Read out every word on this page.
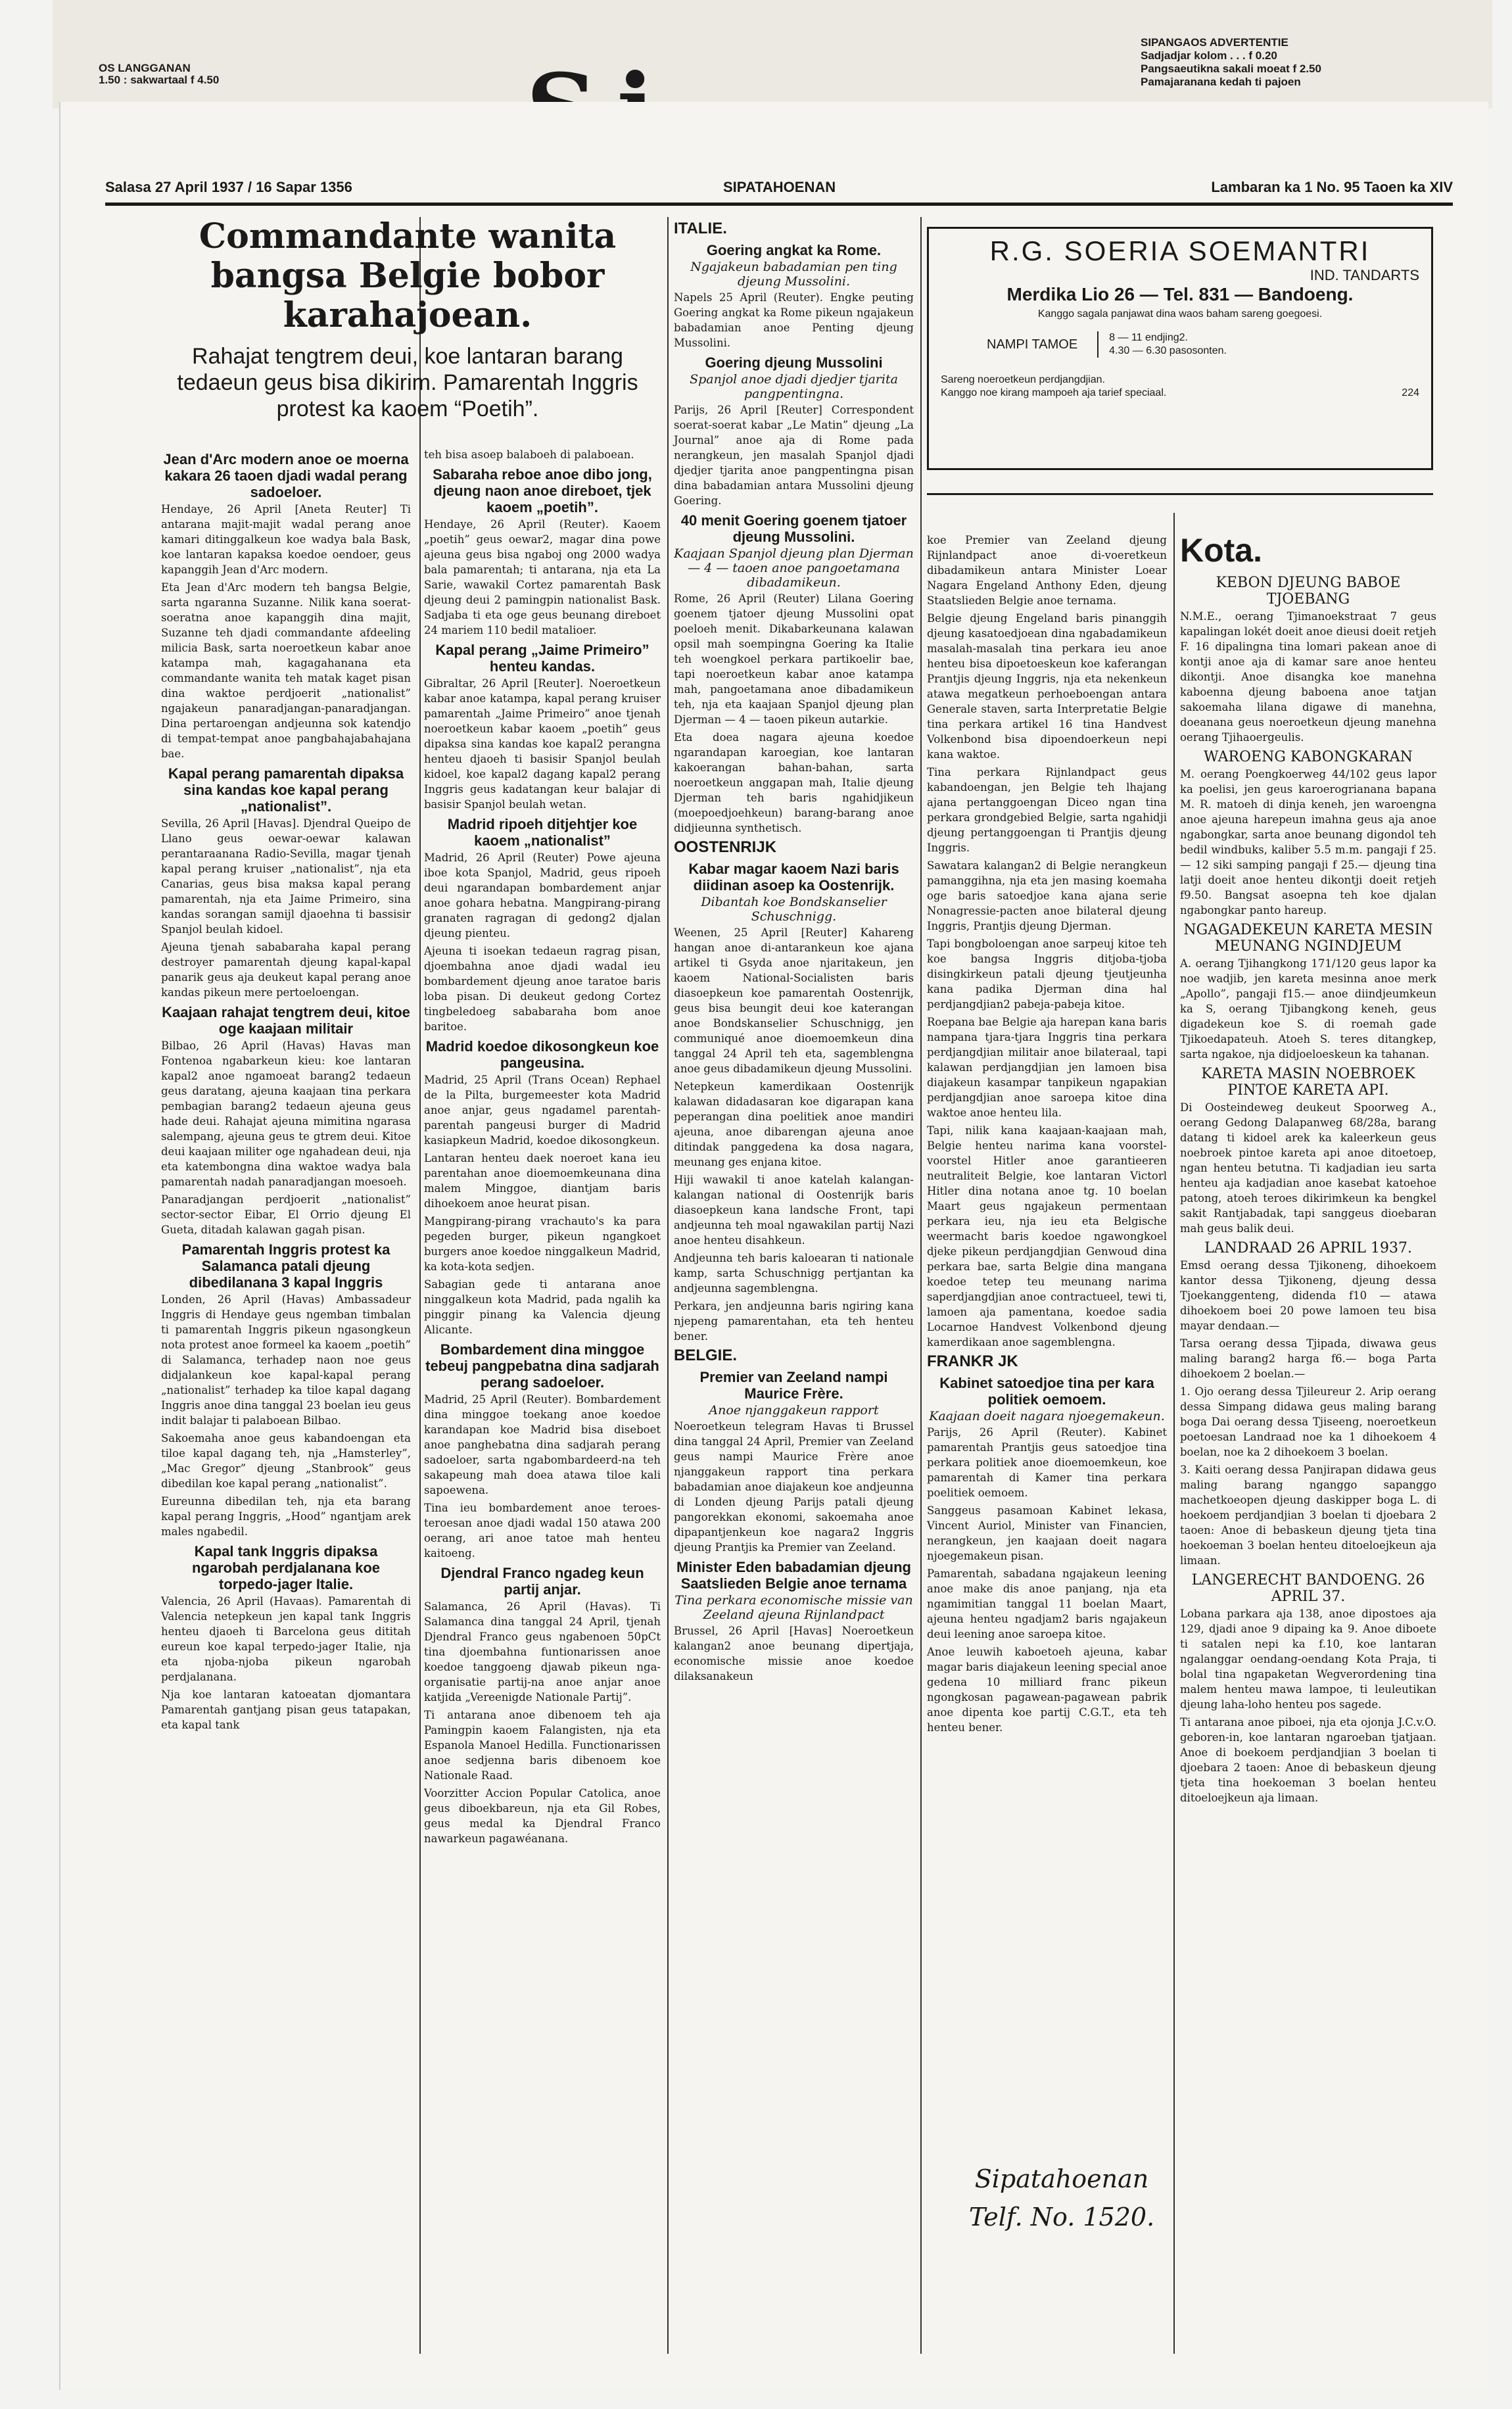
OS LANGGANAN
1.50 : sakwartaal f 4.50
SIPANGAOS ADVERTENTIE
Sadjadjar kolom . . . f 0.20
Pangsaeutikna sakali moeat f 2.50
Pamajaranana kedah ti pajoen
Salasa 27 April 1937 / 16 Sapar 1356	SIPATAHOENAN	Lambaran ka 1 No. 95 Taoen ka XIV
Commandante wanita bangsa Belgie bobor karahajoean.
Rahajat tengtrem deui, koe lantaran barang tedaeun geus bisa dikirim. Pamarentah Inggris protest ka kaoem “Poetih”.
Jean d'Arc modern anoe oe moerna kakara 26 taoen djadi wadal perang sadoeloer.

Hendaye, 26 April [Aneta Reuter] Ti antarana majit-majit wadal perang anoe kamari ditinggalkeun koe wadya bala Bask, koe lantaran kapaksa koedoe oendoer, geus kapanggih Jean d'Arc modern.

Eta Jean d'Arc modern teh bangsa Belgie, sarta ngaranna Suzanne. Nilik kana soerat-soeratna anoe kapanggih dina majit, Suzanne teh djadi commandante afdeeling milicia Bask, sarta noeroetkeun kabar anoe katampa mah, kagagahanana eta commandante wanita teh matak kaget pisan dina waktoe perdjoerit „nationalist” ngajakeun panaradjangan-panaradjangan. Dina pertaroengan andjeunna sok katendjo di tempat-tempat anoe pangbahajabahajana bae.

Kapal perang pamarentah dipaksa sina kandas koe kapal perang „nationalist”.

Sevilla, 26 April [Havas]. Djendral Queipo de Llano geus oewar-oewar kalawan perantaraanana Radio-Sevilla, magar tjenah kapal perang kruiser „nationalist”, nja eta Canarias, geus bisa maksa kapal perang pamarentah, nja eta Jaime Primeiro, sina kandas sorangan samijl djaoehna ti bassisir Spanjol beulah kidoel.

Ajeuna tjenah sababaraha kapal perang destroyer pamarentah djeung kapal-kapal panarik geus aja deukeut kapal perang anoe kandas pikeun mere pertoeloengan.

Kaajaan rahajat tengtrem deui, kitoe oge kaajaan militair

Bilbao, 26 April (Havas) Havas man Fontenoa ngabarkeun kieu: koe lantaran kapal2 anoe ngamoeat barang2 tedaeun geus daratang, ajeuna kaajaan tina perkara pembagian barang2 tedaeun ajeuna geus hade deui. Rahajat ajeuna mimitina ngarasa salempang, ajeuna geus te gtrem deui. Kitoe deui kaajaan militer oge ngahadean deui, nja eta katembongna dina waktoe wadya bala pamarentah nadah panaradjangan moesoeh.

Panaradjangan perdjoerit „nationalist” sector-sector Eibar, El Orrio djeung El Gueta, ditadah kalawan gagah pisan.

Pamarentah Inggris protest ka Salamanca patali djeung dibedilanana 3 kapal Inggris

Londen, 26 April (Havas) Ambassadeur Inggris di Hendaye geus ngemban timbalan ti pamarentah Inggris pikeun ngasongkeun nota protest anoe formeel ka kaoem „poetih” di Salamanca, terhadep naon noe geus didjalankeun koe kapal-kapal perang „nationalist” terhadep ka tiloe kapal dagang Inggris anoe dina tanggal 23 boelan ieu geus indit balajar ti palaboean Bilbao.

Sakoemaha anoe geus kabandoengan eta tiloe kapal dagang teh, nja „Hamsterley”, „Mac Gregor” djeung „Stanbrook” geus dibedilan koe kapal perang „nationalist”.

Eureunna dibedilan teh, nja eta barang kapal perang Inggris, „Hood” ngantjam arek males ngabedil.

Kapal tank Inggris dipaksa ngarobah perdjalanana koe torpedo-jager Italie.

Valencia, 26 April (Havaas). Pamarentah di Valencia netepkeun jen kapal tank Inggris henteu djaoeh ti Barcelona geus dititah eureun koe kapal terpedo-jager Italie, nja eta njoba-njoba pikeun ngarobah perdjalanana.

Nja koe lantaran katoeatan djomantara Pamarentah gantjang pisan geus tatapakan, eta kapal tank

teh bisa asoep balaboeh di palaboean.

Sabaraha reboe anoe dibo jong, djeung naon anoe direboet, tjek kaoem „poetih”.

Hendaye, 26 April (Reuter). Kaoem „poetih” geus oewar2, magar dina powe ajeuna geus bisa ngaboj ong 2000 wadya bala pamarentah; ti antarana, nja eta La Sarie, wawakil Cortez pamarentah Bask djeung deui 2 pamingpin nationalist Bask. Sadjaba ti eta oge geus beunang direboet 24 mariem 110 bedil matalioer.

Kapal perang „Jaime Primeiro” henteu kandas.

Gibraltar, 26 April [Reuter]. Noeroetkeun kabar anoe katampa, kapal perang kruiser pamarentah „Jaime Primeiro” anoe tjenah noeroetkeun kabar kaoem „poetih” geus dipaksa sina kandas koe kapal2 perangna henteu djaoeh ti basisir Spanjol beulah kidoel, koe kapal2 dagang kapal2 perang Inggris geus kadatangan keur balajar di basisir Spanjol beulah wetan.

Madrid ripoeh ditjehtjer koe kaoem „nationalist”

Madrid, 26 April (Reuter) Powe ajeuna iboe kota Spanjol, Madrid, geus ripoeh deui ngarandapan bombardement anjar anoe gohara hebatna. Mangpirang-pirang granaten ragragan di gedong2 djalan djeung pienteu.

Ajeuna ti isoekan tedaeun ragrag pisan, djoembahna anoe djadi wadal ieu bombardement djeung anoe taratoe baris loba pisan. Di deukeut gedong Cortez tingbeledoeg sababaraha bom anoe baritoe.

Madrid koedoe dikosongkeun koe pangeusina.

Madrid, 25 April (Trans Ocean) Rephael de la Pilta, burgemeester kota Madrid anoe anjar, geus ngadamel parentah-parentah pangeusi burger di Madrid kasiapkeun Madrid, koedoe dikosongkeun.

Lantaran henteu daek noeroet kana ieu parentahan anoe dioemoemkeunana dina malem Minggoe, diantjam baris dihoekoem anoe heurat pisan.

Mangpirang-pirang vrachauto's ka para pegeden burger, pikeun ngangkoet burgers anoe koedoe ninggalkeun Madrid, ka kota-kota sedjen.

Sabagian gede ti antarana anoe ninggalkeun kota Madrid, pada ngalih ka pinggir pinang ka Valencia djeung Alicante.

Bombardement dina minggoe tebeuj pangpebatna dina sadjarah perang sadoeloer.

Madrid, 25 April (Reuter). Bombardement dina minggoe toekang anoe koedoe karandapan koe Madrid bisa diseboet anoe panghebatna dina sadjarah perang sadoeloer, sarta ngabombardeerd-na teh sakapeung mah doea atawa tiloe kali sapoewena.

Tina ieu bombardement anoe teroes-teroesan anoe djadi wadal 150 atawa 200 oerang, ari anoe tatoe mah henteu kaitoeng.

Djendral Franco ngadeg keun partij anjar.

Salamanca, 26 April (Havas). Ti Salamanca dina tanggal 24 April, tjenah Djendral Franco geus ngabenoen 50pCt tina djoembahna funtionarissen anoe koedoe tanggoeng djawab pikeun nga-organisatie partij-na anoe anjar anoe katjida „Vereenigde Nationale Partij”.

Ti antarana anoe dibenoem teh aja Pamingpin kaoem Falangisten, nja eta Espanola Manoel Hedilla. Functionarissen anoe sedjenna baris dibenoem koe Nationale Raad.

Voorzitter Accion Popular Catolica, anoe geus diboekbareun, nja eta Gil Robes, geus medal ka Djendral Franco nawarkeun pagawéanana.

ITALIE.
Goering angkat ka Rome.
Ngajakeun babadamian pen ting djeung Mussolini.

Napels 25 April (Reuter). Engke peuting Goering angkat ka Rome pikeun ngajakeun babadamian anoe Penting djeung Mussolini.

Goering djeung Mussolini
Spanjol anoe djadi djedjer tjarita pangpentingna.

Parijs, 26 April [Reuter] Correspondent soerat-soerat kabar „Le Matin” djeung „La Journal” anoe aja di Rome pada nerangkeun, jen masalah Spanjol djadi djedjer tjarita anoe pangpentingna pisan dina babadamian antara Mussolini djeung Goering.

40 menit Goering goenem tjatoer djeung Mussolini.
Kaajaan Spanjol djeung plan Djerman — 4 — taoen anoe pangoetamana dibadamikeun.

Rome, 26 April (Reuter) Lilana Goering goenem tjatoer djeung Mussolini opat poeloeh menit. Dikabarkeunana kalawan opsil mah soempingna Goering ka Italie teh woengkoel perkara partikoelir bae, tapi noeroetkeun kabar anoe katampa mah, pangoetamana anoe dibadamikeun teh, nja eta kaajaan Spanjol djeung plan Djerman — 4 — taoen pikeun autarkie.

Eta doea nagara ajeuna koedoe ngarandapan karoegian, koe lantaran kakoerangan bahan-bahan, sarta noeroetkeun anggapan mah, Italie djeung Djerman teh baris ngahidjikeun (moepoedjoehkeun) barang-barang anoe didjieunna synthetisch.

OOSTENRIJK
Kabar magar kaoem Nazi baris diidinan asoep ka Oostenrijk.
Dibantah koe Bondskanselier Schuschnigg.

Weenen, 25 April [Reuter] Kahareng hangan anoe di-antarankeun koe ajana artikel ti Gsyda anoe njaritakeun, jen kaoem National-Socialisten baris diasoepkeun koe pamarentah Oostenrijk, geus bisa beungit deui koe katerangan anoe Bondskanselier Schuschnigg, jen communiqué anoe dioemoemkeun dina tanggal 24 April teh eta, sagemblengna anoe geus dibadamikeun djeung Mussolini.

Netepkeun kamerdikaan Oostenrijk kalawan didadasaran koe digarapan kana peperangan dina poelitiek anoe mandiri ajeuna, anoe dibarengan ajeuna anoe ditindak panggedena ka dosa nagara, meunang ges enjana kitoe.

Hiji wawakil ti anoe katelah kalangan-kalangan national di Oostenrijk baris diasoepkeun kana landsche Front, tapi andjeunna teh moal ngawakilan partij Nazi anoe henteu disahkeun.

Andjeunna teh baris kaloearan ti nationale kamp, sarta Schuschnigg pertjantan ka andjeunna sagemblengna.

Perkara, jen andjeunna baris ngiring kana njepeng pamarentahan, eta teh henteu bener.

BELGIE.
Premier van Zeeland nampi Maurice Frère.
Anoe njanggakeun rapport

Noeroetkeun telegram Havas ti Brussel dina tanggal 24 April, Premier van Zeeland geus nampi Maurice Frère anoe njanggakeun rapport tina perkara babadamian anoe diajakeun koe andjeunna di Londen djeung Parijs patali djeung pangorekkan ekonomi, sakoemaha anoe dipapantjenkeun koe nagara2 Inggris djeung Prantjis ka Premier van Zeeland.

Minister Eden babadamian djeung Saatslieden Belgie anoe ternama
Tina perkara economische missie van Zeeland ajeuna Rijnlandpact

Brussel, 26 April [Havas] Noeroetkeun kalangan2 anoe beunang dipertjaja, economische missie anoe koedoe dilaksanakeun

R.G. SOERIA SOEMANTRI
IND. TANDARTS
Merdika Lio 26 — Tel. 831 — Bandoeng.
Kanggo sagala panjawat dina waos baham sareng goegoesi.
NAMPI TAMOE	8 — 11 endjing2.
4.30 — 6.30 pasosonten.
Sareng noeroetkeun perdjangdjian.
Kanggo noe kirang mampoeh aja tarief speciaal.	224

koe Premier van Zeeland djeung Rijnlandpact anoe di-voeretkeun dibadamikeun antara Minister Loear Nagara Engeland Anthony Eden, djeung Staatslieden Belgie anoe ternama.

Belgie djeung Engeland baris pinanggih djeung kasatoedjoean dina ngabadamikeun masalah-masalah tina perkara ieu anoe henteu bisa dipoetoeskeun koe kaferangan Prantjis djeung Inggris, nja eta nekenkeun atawa megatkeun perhoeboengan antara Generale staven, sarta Interpretatie Belgie tina perkara artikel 16 tina Handvest Volkenbond bisa dipoendoerkeun nepi kana waktoe.

Tina perkara Rijnlandpact geus kabandoengan, jen Belgie teh lhajang ajana pertanggoengan Diceo ngan tina perkara grondgebied Belgie, sarta ngahidji djeung pertanggoengan ti Prantjis djeung Inggris.

Sawatara kalangan2 di Belgie nerangkeun pamanggihna, nja eta jen masing koemaha oge baris satoedjoe kana ajana serie Nonagressie-pacten anoe bilateral djeung Inggris, Prantjis djeung Djerman.

Tapi bongboloengan anoe sarpeuj kitoe teh koe bangsa Inggris ditjoba-tjoba disingkirkeun patali djeung tjeutjeunha kana padika Djerman dina hal perdjangdjian2 pabeja-pabeja kitoe.

Roepana bae Belgie aja harepan kana baris nampana tjara-tjara Inggris tina perkara perdjangdjian militair anoe bilateraal, tapi kalawan perdjangdjian jen lamoen bisa diajakeun kasampar tanpikeun ngapakian perdjangdjian anoe saroepa kitoe dina waktoe anoe henteu lila.

Tapi, nilik kana kaajaan-kaajaan mah, Belgie henteu narima kana voorstel-voorstel Hitler anoe garantieeren neutraliteit Belgie, koe lantaran Victorl Hitler dina notana anoe tg. 10 boelan Maart geus ngajakeun permentaan perkara ieu, nja ieu eta Belgische weermacht baris koedoe ngawongkoel djeke pikeun perdjangdjian Genwoud dina perkara bae, sarta Belgie dina mangana koedoe tetep teu meunang narima saperdjangdjian anoe contractueel, tewi ti, lamoen aja pamentana, koedoe sadia Locarnoe Handvest Volkenbond djeung kamerdikaan anoe sagemblengna.

FRANKR JK
Kabinet satoedjoe tina per kara politiek oemoem.
Kaajaan doeit nagara njoegemakeun.

Parijs, 26 April (Reuter). Kabinet pamarentah Prantjis geus satoedjoe tina perkara politiek anoe dioemoemkeun, koe pamarentah di Kamer tina perkara poelitiek oemoem.

Sanggeus pasamoan Kabinet lekasa, Vincent Auriol, Minister van Financien, nerangkeun, jen kaajaan doeit nagara njoegemakeun pisan.

Pamarentah, sabadana ngajakeun leening anoe make dis anoe panjang, nja eta ngamimitian tanggal 11 boelan Maart, ajeuna henteu ngadjam2 baris ngajakeun deui leening anoe saroepa kitoe.

Anoe leuwih kaboetoeh ajeuna, kabar magar baris diajakeun leening special anoe gedena 10 milliard franc pikeun ngongkosan pagawean-pagawean pabrik anoe dipenta koe partij C.G.T., eta teh henteu bener.

Sipatahoenan
Telf. No. 1520.
Kota.
KEBON DJEUNG BABOE TJOEBANG

N.M.E., oerang Tjimanoekstraat 7 geus kapalingan lokét doeit anoe dieusi doeit retjeh F. 16 dipalingna tina lomari pakean anoe di kontji anoe aja di kamar sare anoe henteu dikontji. Anoe disangka koe manehna kaboenna djeung baboena anoe tatjan sakoemaha lilana digawe di manehna, doeanana geus noeroetkeun djeung manehna oerang Tjihaoergeulis.

WAROENG KABONGKARAN

M. oerang Poengkoerweg 44/102 geus lapor ka poelisi, jen geus karoerogrianana bapana M. R. matoeh di dinja keneh, jen waroengna anoe ajeuna harepeun imahna geus aja anoe ngabongkar, sarta anoe beunang digondol teh bedil windbuks, kaliber 5.5 m.m. pangaji f 25.— 12 siki samping pangaji f 25.— djeung tina latji doeit anoe henteu dikontji doeit retjeh f9.50. Bangsat asoepna teh koe djalan ngabongkar panto hareup.

NGAGADEKEUN KARETA MESIN MEUNANG NGINDJEUM

A. oerang Tjihangkong 171/120 geus lapor ka noe wadjib, jen kareta mesinna anoe merk „Apollo”, pangaji f15.— anoe diindjeumkeun ka S, oerang Tjibangkong keneh, geus digadekeun koe S. di roemah gade Tjikoedapateuh. Atoeh S. teres ditangkep, sarta ngakoe, nja didjoeloeskeun ka tahanan.

KARETA MASIN NOEBROEK PINTOE KARETA API.

Di Oosteindeweg deukeut Spoorweg A., oerang Gedong Dalapanweg 68/28a, barang datang ti kidoel arek ka kaleerkeun geus noebroek pintoe kareta api anoe ditoetoep, ngan henteu betutna. Ti kadjadian ieu sarta henteu aja kadjadian anoe kasebat katoehoe patong, atoeh teroes dikirimkeun ka bengkel sakit Rantjabadak, tapi sanggeus dioebaran mah geus balik deui.

LANDRAAD 26 APRIL 1937.

Emsd oerang dessa Tjikoneng, dihoekoem kantor dessa Tjikoneng, djeung dessa Tjoekanggenteng, didenda f10 — atawa dihoekoem boei 20 powe lamoen teu bisa mayar dendaan.—

Tarsa oerang dessa Tjipada, diwawa geus maling barang2 harga f6.— boga Parta dihoekoem 2 boelan.—

1. Ojo oerang dessa Tjileureur 2. Arip oerang dessa Simpang didawa geus maling barang boga Dai oerang dessa Tjiseeng, noeroetkeun poetoesan Landraad noe ka 1 dihoekoem 4 boelan, noe ka 2 dihoekoem 3 boelan.

3. Kaiti oerang dessa Panjirapan didawa geus maling barang nganggo sapanggo machetkoeopen djeung daskipper boga L. di hoekoem perdjandjian 3 boelan ti djoebara 2 taoen: Anoe di bebaskeun djeung tjeta tina hoekoeman 3 boelan henteu ditoeloejkeun aja limaan.

LANGERECHT BANDOENG. 26 APRIL 37.

Lobana parkara aja 138, anoe dipostoes aja 129, djadi anoe 9 dipaing ka 9. Anoe diboete ti satalen nepi ka f.10, koe lantaran ngalanggar oendang-oendang Kota Praja, ti bolal tina ngapaketan Wegverordening tina malem henteu mawa lampoe, ti leuleutikan djeung laha-loho henteu pos sagede.

Ti antarana anoe piboei, nja eta ojonja J.C.v.O. geboren-in, koe lantaran ngaroeban tjatjaan. Anoe di boekoem perdjandjian 3 boelan ti djoebara 2 taoen: Anoe di bebaskeun djeung tjeta tina hoekoeman 3 boelan henteu ditoeloejkeun aja limaan.
